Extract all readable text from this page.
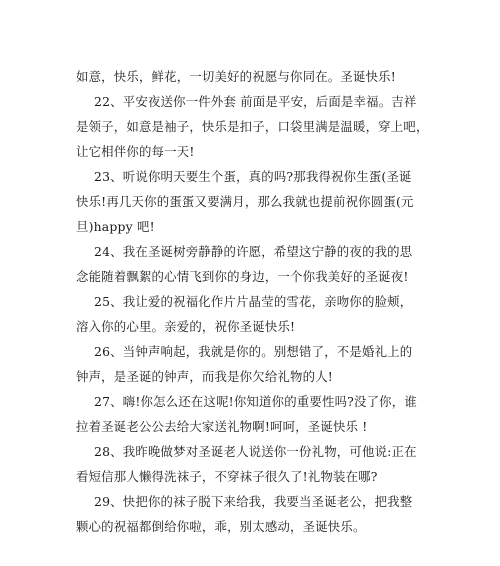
如意，快乐，鲜花，一切美好的祝愿与你同在。圣诞快乐!

22、平安夜送你一件外套 前面是平安，后面是幸福。吉祥

是领子，如意是袖子，快乐是扣子，口袋里满是温暖，穿上吧，

让它相伴你的每一天!

23、听说你明天要生个蛋，真的吗?那我得祝你生蛋(圣诞

快乐!再几天你的蛋蛋又要满月，那么我就也提前祝你圆蛋(元

旦)happy 吧!

24、我在圣诞树旁静静的许愿，希望这宁静的夜的我的思

念能随着飘絮的心情飞到你的身边，一个你我美好的圣诞夜!

25、我让爱的祝福化作片片晶莹的雪花，亲吻你的脸颊，

溶入你的心里。亲爱的，祝你圣诞快乐!

26、当钟声响起，我就是你的。别想错了，不是婚礼上的

钟声，是圣诞的钟声，而我是你欠给礼物的人!

27、嗨!你怎么还在这呢!你知道你的重要性吗?没了你，谁

拉着圣诞老公公去给大家送礼物啊!呵呵，圣诞快乐 !

28、我昨晚做梦对圣诞老人说送你一份礼物，可他说:正在

看短信那人懒得洗袜子，不穿袜子很久了!礼物装在哪?

29、快把你的袜子脱下来给我，我要当圣诞老公，把我整

颗心的祝福都倒给你啦，乖，别太感动，圣诞快乐。
